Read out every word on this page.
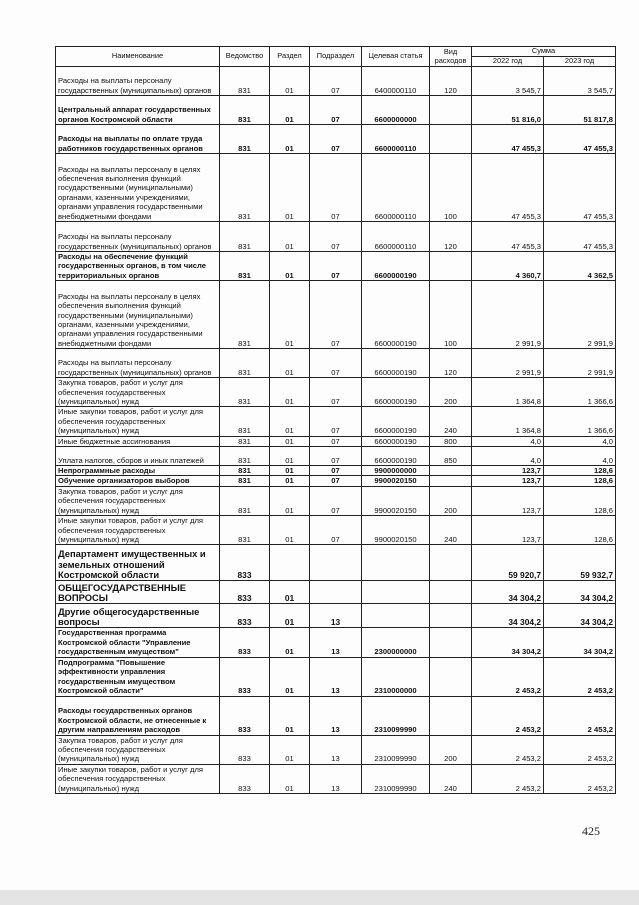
Наименование	Ведомство	Раздел	Подраздел	Целевая статья	Вид расходов	Сумма	
						2022 год	2023 год
Расходы на выплаты персоналу государственных (муниципальных) органов	831	01	07	6400000110	120	3 545,7	3 545,7
Центральный аппарат государственных органов Костромской области	831	01	07	6600000000		51 816,0	51 817,8
Расходы на выплаты по оплате труда работников государственных органов	831	01	07	6600000110		47 455,3	47 455,3
Расходы на выплаты персоналу в целях обеспечения выполнения функций государственными (муниципальными) органами, казенными учреждениями, органами управления государственными внебюджетными фондами	831	01	07	6600000110	100	47 455,3	47 455,3
Расходы на выплаты персоналу государственных (муниципальных) органов	831	01	07	6600000110	120	47 455,3	47 455,3
Расходы на обеспечение функций государственных органов, в том числе территориальных органов	831	01	07	6600000190		4 360,7	4 362,5
Расходы на выплаты персоналу в целях обеспечения выполнения функций государственными (муниципальными) органами, казенными учреждениями, органами управления государственными внебюджетными фондами	831	01	07	6600000190	100	2 991,9	2 991,9
Расходы на выплаты персоналу государственных (муниципальных) органов	831	01	07	6600000190	120	2 991,9	2 991,9
Закупка товаров, работ и услуг для обеспечения государственных (муниципальных) нужд	831	01	07	6600000190	200	1 364,8	1 366,6
Иные закупки товаров, работ и услуг для обеспечения государственных (муниципальных) нужд	831	01	07	6600000190	240	1 364,8	1 366,6
Иные бюджетные ассигнования	831	01	07	6600000190	800	4,0	4,0
Уплата налогов, сборов и иных платежей	831	01	07	6600000190	850	4,0	4,0
Непрограммные расходы	831	01	07	9900000000		123,7	128,6
Обучение организаторов выборов	831	01	07	9900020150		123,7	128,6
Закупка товаров, работ и услуг для обеспечения государственных (муниципальных) нужд	831	01	07	9900020150	200	123,7	128,6
Иные закупки товаров, работ и услуг для обеспечения государственных (муниципальных) нужд	831	01	07	9900020150	240	123,7	128,6
Департамент имущественных и земельных отношений Костромской области	833					59 920,7	59 932,7
ОБЩЕГОСУДАРСТВЕННЫЕ ВОПРОСЫ	833	01				34 304,2	34 304,2
Другие общегосударственные вопросы	833	01	13			34 304,2	34 304,2
Государственная программа Костромской области "Управление государственным имуществом"	833	01	13	2300000000		34 304,2	34 304,2
Подпрограмма "Повышение эффективности управления государственным имуществом Костромской области"	833	01	13	2310000000		2 453,2	2 453,2
Расходы государственных органов Костромской области, не отнесенные к другим направлениям расходов	833	01	13	2310099990		2 453,2	2 453,2
Закупка товаров, работ и услуг для обеспечения государственных (муниципальных) нужд	833	01	13	2310099990	200	2 453,2	2 453,2
Иные закупки товаров, работ и услуг для обеспечения государственных (муниципальных) нужд	833	01	13	2310099990	240	2 453,2	2 453,2
425
